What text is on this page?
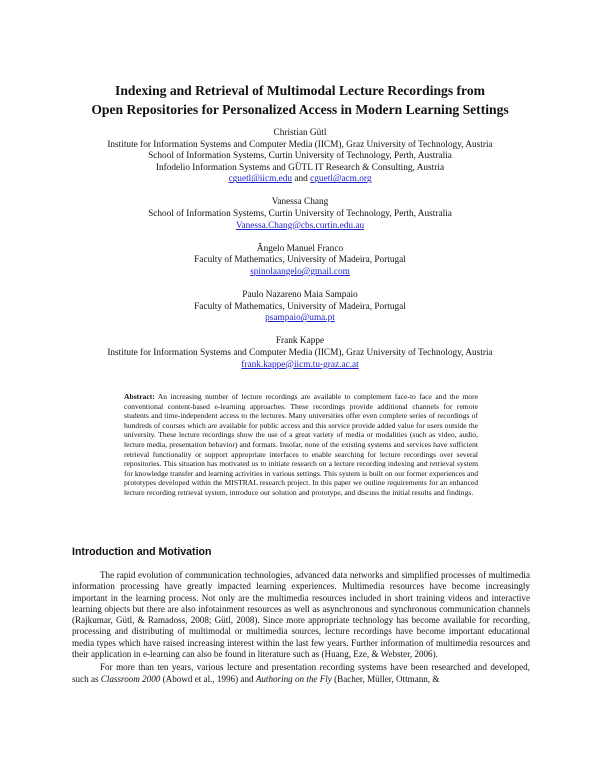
Indexing and Retrieval of Multimodal Lecture Recordings from
Open Repositories for Personalized Access in Modern Learning Settings
Christian Gütl
Institute for Information Systems and Computer Media (IICM), Graz University of Technology, Austria
School of Information Systems, Curtin University of Technology, Perth, Australia
Infodelio Information Systems and GÜTL IT Research & Consulting, Austria
cguetl@iicm.edu and cguetl@acm.org
Vanessa Chang
School of Information Systems, Curtin University of Technology, Perth, Australia
Vanessa.Chang@cbs.curtin.edu.au
Ângelo Manuel Franco
Faculty of Mathematics, University of Madeira, Portugal
spinolaangelo@gmail.com
Paulo Nazareno Maia Sampaio
Faculty of Mathematics, University of Madeira, Portugal
psampaio@uma.pt
Frank Kappe
Institute for Information Systems and Computer Media (IICM), Graz University of Technology, Austria
frank.kappe@iicm.tu-graz.ac.at
Abstract: An increasing number of lecture recordings are available to complement face-to face and the more conventional content-based e-learning approaches. These recordings provide additional channels for remote students and time-independent access to the lectures. Many universities offer even complete series of recordings of hundreds of courses which are available for public access and this service provide added value for users outside the university. These lecture recordings show the use of a great variety of media or modalities (such as video, audio, lecture media, presentation behavior) and formats. Insofar, none of the existing systems and services have sufficient retrieval functionality or support appropriate interfaces to enable searching for lecture recordings over several repositories. This situation has motivated us to initiate research on a lecture recording indexing and retrieval system for knowledge transfer and learning activities in various settings. This system is built on our former experiences and prototypes developed within the MISTRAL research project. In this paper we outline requirements for an enhanced lecture recording retrieval system, introduce our solution and prototype, and discuss the initial results and findings.
Introduction and Motivation

The rapid evolution of communication technologies, advanced data networks and simplified processes of multimedia information processing have greatly impacted learning experiences. Multimedia resources have become increasingly important in the learning process. Not only are the multimedia resources included in short training videos and interactive learning objects but there are also infotainment resources as well as asynchronous and synchronous communication channels (Rajkumar, Gütl, & Ramadoss, 2008; Gütl, 2008). Since more appropriate technology has become available for recording, processing and distributing of multimodal or multimedia sources, lecture recordings have become important educational media types which have raised increasing interest within the last few years. Further information of multimedia resources and their application in e-learning can also be found in literature such as (Huang, Eze, & Webster, 2006).

For more than ten years, various lecture and presentation recording systems have been researched and developed, such as Classroom 2000 (Abowd et al., 1996) and Authoring on the Fly (Bacher, Müller, Ottmann, &
